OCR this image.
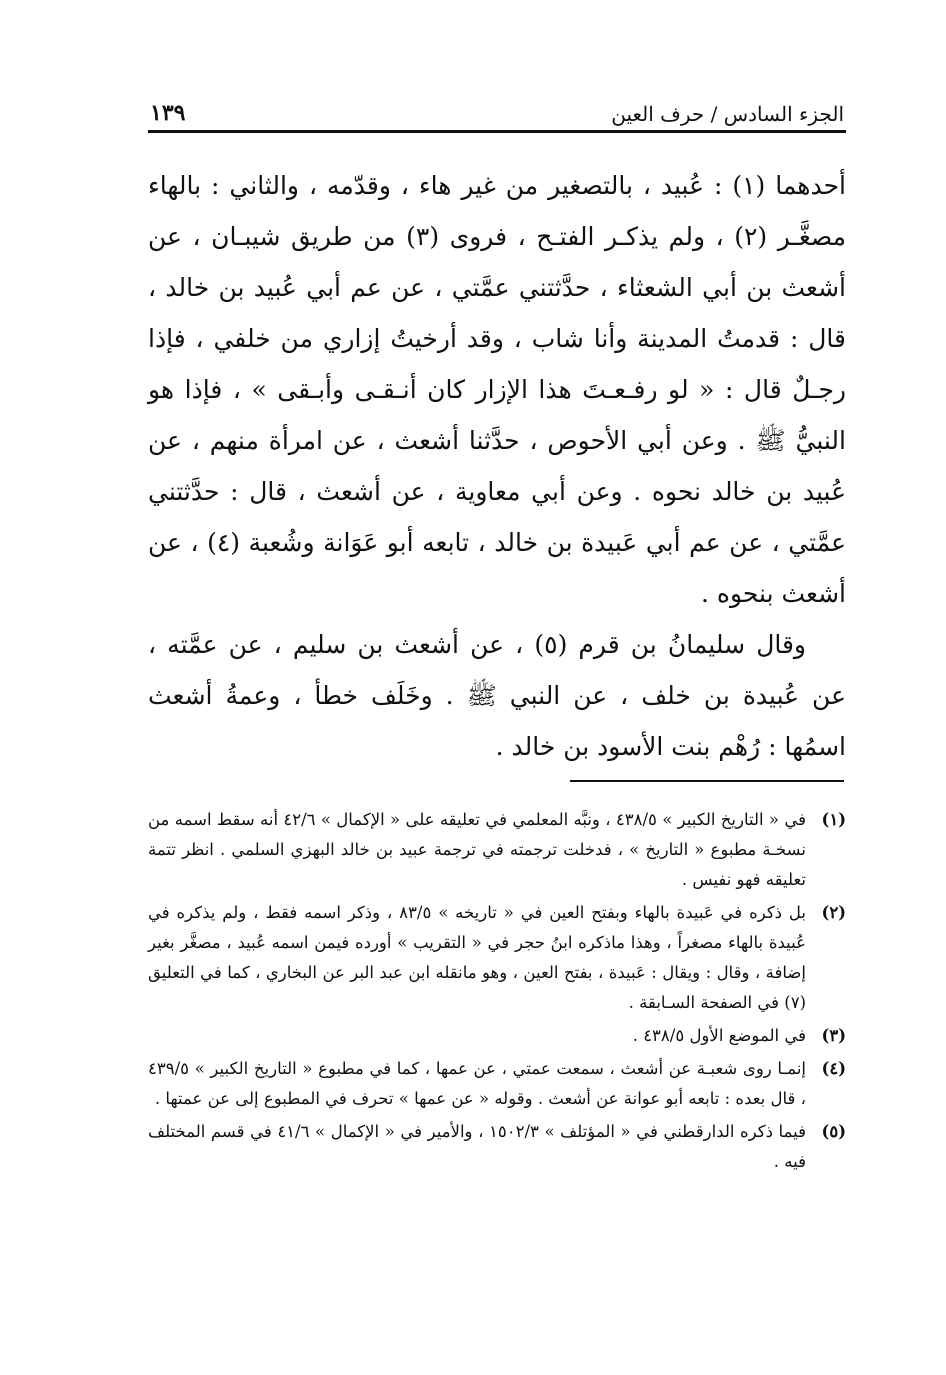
الجزء السادس / حرف العين
١٣٩

أحدهما (١) : عُبيد ، بالتصغير من غير هاء ، وقدّمه ، والثاني : بالهاء مصغَّـر (٢) ، ولم يذكـر الفتـح ، فروى (٣) من طريق شيبـان ، عن أشعث بن أبي الشعثاء ، حدَّثتني عمَّتي ، عن عم أبي عُبيد بن خالد ، قال : قدمتُ المدينة وأنا شاب ، وقد أرخيتُ إزاري من خلفي ، فإذا رجـلٌ قال : « لو رفـعـتَ هذا الإزار كان أنـقـى وأبـقى » ، فإذا هو النبيُّ ﷺ . وعن أبي الأحوص ، حدَّثنا أشعث ، عن امرأة منهم ، عن عُبيد بن خالد نحوه . وعن أبي معاوية ، عن أشعث ، قال : حدَّثتني عمَّتي ، عن عم أبي عَبيدة بن خالد ، تابعه أبو عَوَانة وشُعبة (٤) ، عن أشعث بنحوه .

وقال سليمانُ بن قرم (٥) ، عن أشعث بن سليم ، عن عمَّته ، عن عُبيدة بن خلف ، عن النبي ﷺ . وخَلَف خطأ ، وعمةُ أشعث اسمُها : رُهْم بنت الأسود بن خالد .

(١)
في « التاريخ الكبير » ٤٣٨/٥ ، ونبَّه المعلمي في تعليقه على « الإكمال » ٤٢/٦ أنه سقط اسمه من نسخـة مطبوع « التاريخ » ، فدخلت ترجمته في ترجمة عبيد بن خالد البهزي السلمي . انظر تتمة تعليقه فهو نفيس .
(٢)
بل ذكره في عَبيدة بالهاء وبفتح العين في « تاريخه » ٨٣/٥ ، وذكر اسمه فقط ، ولم يذكره في عُبيدة بالهاء مصغراً ، وهذا ماذكره ابنُ حجر في « التقريب » أورده فيمن اسمه عُبيد ، مصغَّر بغير إضافة ، وقال : ويقال : عَبيدة ، بفتح العين ، وهو مانقله ابن عبد البر عن البخاري ، كما في التعليق (٧) في الصفحة السـابقة .
(٣)
في الموضع الأول ٤٣٨/٥ .
(٤)
إنمـا روى شعبـة عن أشعث ، سمعت عمتي ، عن عمها ، كما في مطبوع « التاريخ الكبير » ٤٣٩/٥ ، قال بعده : تابعه أبو عوانة عن أشعث . وقوله « عن عمها » تحرف في المطبوع إلى عن عمتها .
(٥)
فيما ذكره الدارقطني في « المؤتلف » ١٥٠٢/٣ ، والأمير في « الإكمال » ٤١/٦ في قسم المختلف فيه .
